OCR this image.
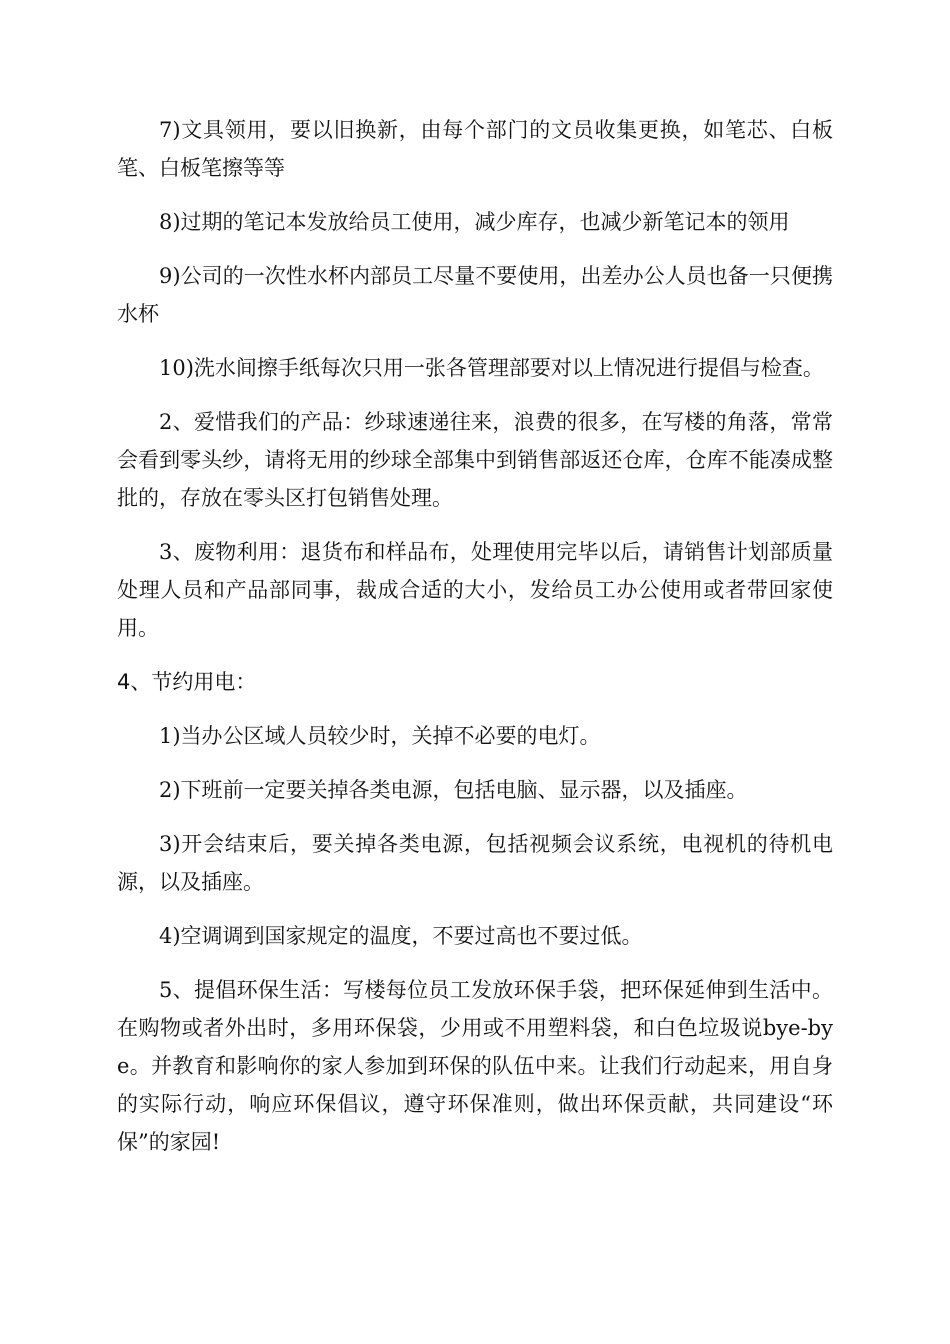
7)文具领用，要以旧换新，由每个部门的文员收集更换，如笔芯、白板笔、白板笔擦等等

8)过期的笔记本发放给员工使用，减少库存，也减少新笔记本的领用

9)公司的一次性水杯内部员工尽量不要使用，出差办公人员也备一只便携水杯

10)洗水间擦手纸每次只用一张各管理部要对以上情况进行提倡与检查。

2、爱惜我们的产品：纱球速递往来，浪费的很多，在写楼的角落，常常会看到零头纱，请将无用的纱球全部集中到销售部返还仓库，仓库不能凑成整批的，存放在零头区打包销售处理。

3、废物利用：退货布和样品布，处理使用完毕以后，请销售计划部质量处理人员和产品部同事，裁成合适的大小，发给员工办公使用或者带回家使用。

4、节约用电：

1)当办公区域人员较少时，关掉不必要的电灯。

2)下班前一定要关掉各类电源，包括电脑、显示器，以及插座。

3)开会结束后，要关掉各类电源，包括视频会议系统，电视机的待机电源，以及插座。

4)空调调到国家规定的温度，不要过高也不要过低。

5、提倡环保生活：写楼每位员工发放环保手袋，把环保延伸到生活中。在购物或者外出时，多用环保袋，少用或不用塑料袋，和白色垃圾说bye-bye。并教育和影响你的家人参加到环保的队伍中来。让我们行动起来，用自身的实际行动，响应环保倡议，遵守环保准则，做出环保贡献，共同建设“环保”的家园!
